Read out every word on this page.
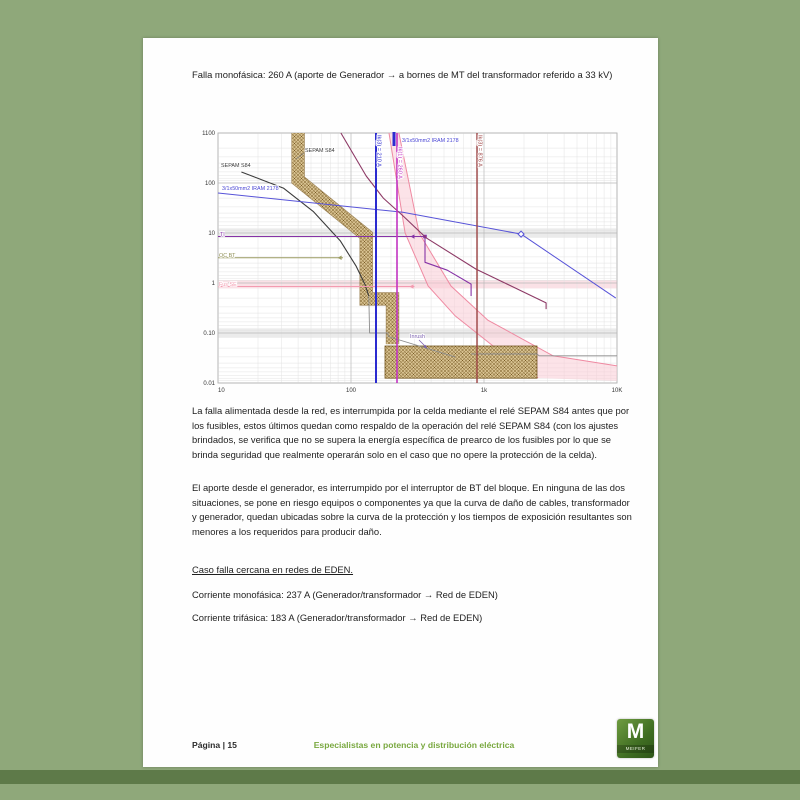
Falla monofásica: 260 A (aporte de Generador → a bornes de MT del transformador referido a 33 kV)

Ik(3) = 210 A	Ik(1) = 260 A	Ik(3) = 876 A
SEPAM S84
SEPAM S84
3/1x50mm2 IRAM 2178
3/1x50mm2 IRAM 2178
TI
OC BT
Fus SE
Inrush
1100
100
10
1
0.10
0.01
10	100	1k	10K

La falla alimentada desde la red, es interrumpida por la celda mediante el relé SEPAM S84 antes que por los fusibles, estos últimos quedan como respaldo de la operación del relé SEPAM S84 (con los ajustes brindados, se verifica que no se supera la energía específica de prearco de los fusibles por lo que se brinda seguridad que realmente operarán solo en el caso que no opere la protección de la celda).

El aporte desde el generador, es interrumpido por el interruptor de BT del bloque. En ninguna de las dos situaciones, se pone en riesgo equipos o componentes ya que la curva de daño de cables, transformador y generador, quedan ubicadas sobre la curva de la protección y los tiempos de exposición resultantes son menores a los requeridos para producir daño.

Caso falla cercana en redes de EDEN.

Corriente monofásica: 237 A (Generador/transformador → Red de EDEN)

Corriente trifásica: 183 A (Generador/transformador → Red de EDEN)

Página | 15	Especialistas en potencia y distribución eléctrica
M
MEIFER
